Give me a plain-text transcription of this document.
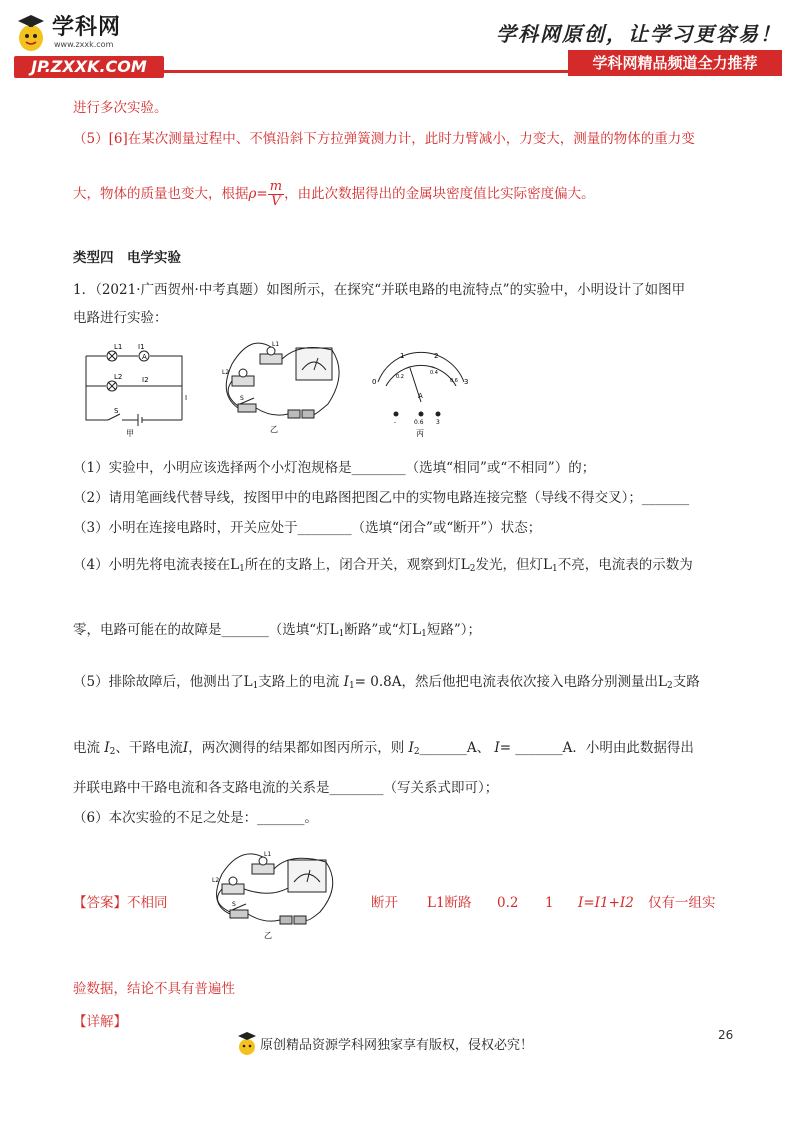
学科网
www.zxxk.com
JP.ZXXK.COM
学科网原创，让学习更容易！
学科网精品频道全力推荐
进行多次实验。
（5）[6]在某次测量过程中、不慎沿斜下方拉弹簧测力计，此时力臂减小，力变大，测量的物体的重力变
大，物体的质量也变大，根据$\rho= \frac{m}{V}$ ，由此次数据得出的金属块密度值比实际密度偏大。
类型四　电学实验
1．（2021·广西贺州·中考真题）如图所示，在探究“并联电路的电流特点”的实验中，小明设计了如图甲
电路进行实验：
L1
L2
I1
I2
A
I
S
甲
L1
L2
S
乙
0
1	2
3
0.2
0.4
0.6
A
-	0.6 3
丙
（1）实验中，小明应该选择两个小灯泡规格是________（选填“相同”或“不相同”）的；
（2）请用笔画线代替导线，按图甲中的电路图把图乙中的实物电路连接完整（导线不得交叉）；_______
（3）小明在连接电路时，开关应处于________（选填“闭合”或“断开”）状态；
（4）小明先将电流表接在$L_1$所在的支路上，闭合开关，观察到灯$L_2$发光，但灯$L_1$不亮，电流表的示数为
零，电路可能在的故障是_______（选填“灯$L_1$断路”或“灯$L_1$短路”）；
（5）排除故障后，他测出了$L_1$支路上的电流 $I_1= 0.8A$，然后他把电流表依次接入电路分别测量出$L_2$支路
电流 $I_2$、干路电流I，两次测得的结果都如图丙所示，则 $I_2\_\_\_\_\_\_\_A$、 I= _______A．小明由此数据得出
并联电路中干路电流和各支路电流的关系是________（写关系式即可）；
（6）本次实验的不足之处是：_______。
L1
L2
S
乙
【答案】不相同	断开 L1断路 0.2 1 I=I1+I2 仅有一组实
验数据，结论不具有普遍性
【详解】
26
原创精品资源学科网独家享有版权，侵权必究！
